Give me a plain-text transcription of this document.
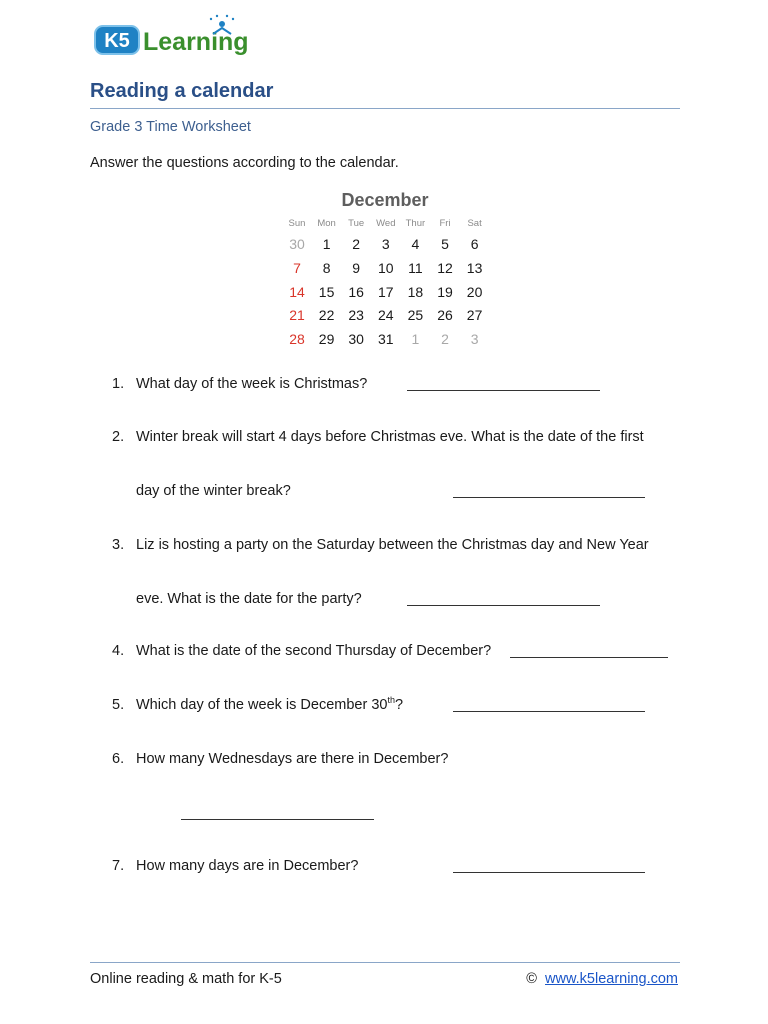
K5 Learning
Reading a calendar
Grade 3 Time Worksheet
Answer the questions according to the calendar.
December
Sun	Mon	Tue	Wed	Thur	Fri	Sat
30	1	2	3	4	5	6
7	8	9	10	11	12	13
14	15	16	17	18	19	20
21	22	23	24	25	26	27
28	29	30	31	1	2	3
1. What day of the week is Christmas?
2. Winter break will start 4 days before Christmas eve. What is the date of the first
day of the winter break?
3. Liz is hosting a party on the Saturday between the Christmas day and New Year
eve. What is the date for the party?
4. What is the date of the second Thursday of December?
5. Which day of the week is December 30th?
6. How many Wednesdays are there in December?
7. How many days are in December?
Online reading & math for K-5	© www.k5learning.com
